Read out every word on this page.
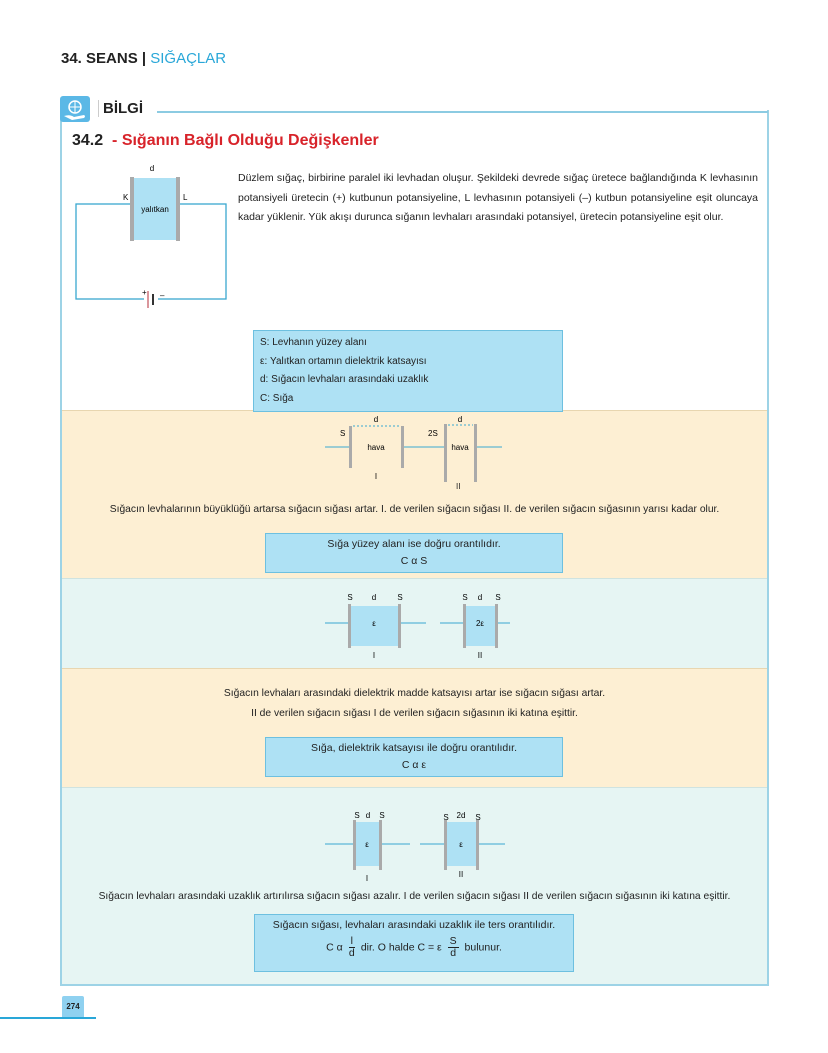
34. SEANS | SIĞAÇLAR
BİLGİ
34.2 - Sığanın Bağlı Olduğu Değişkenler
d
K	L
yalıtkan
+ –
Düzlem sığaç, birbirine paralel iki levhadan oluşur. Şekildeki devrede sığaç üretece bağlandığında K levhasının potansiyeli üretecin (+) kutbunun potansiyeline, L levhasının potansiyeli (–) kutbun potansiyeline eşit oluncaya kadar yüklenir. Yük akışı durunca sığanın levhaları arasındaki potansiyel, üretecin potansiyeline eşit olur.
S: Levhanın yüzey alanı
ε: Yalıtkan ortamın dielektrik katsayısı
d: Sığacın levhaları arasındaki uzaklık
C: Sığa
d
S
hava
I
d
2S
hava
II
Sığacın levhalarının büyüklüğü artarsa sığacın sığası artar. I. de verilen sığacın sığası II. de verilen sığacın sığasının yarısı kadar olur.
Sığa yüzey alanı ise doğru orantılıdır.
C α S
S d	S
ε
I
S d S
2ε
II
Sığacın levhaları arasındaki dielektrik madde katsayısı artar ise sığacın sığası artar.
II de verilen sığacın sığası I de verilen sığacın sığasının iki katına eşittir.
Sığa, dielektrik katsayısı ile doğru orantılıdır.
C α ε
S d S
ε
I
S 2d S
ε
II
Sığacın levhaları arasındaki uzaklık artırılırsa sığacın sığası azalır. I de verilen sığacın sığası II de verilen sığacın sığasının iki katına eşittir.
Sığacın sığası, levhaları arasındaki uzaklık ile ters orantılıdır.
C α $\frac{l}{d}$ dir. O halde C = ε $\frac{S}{d}$ bulunur.
274
